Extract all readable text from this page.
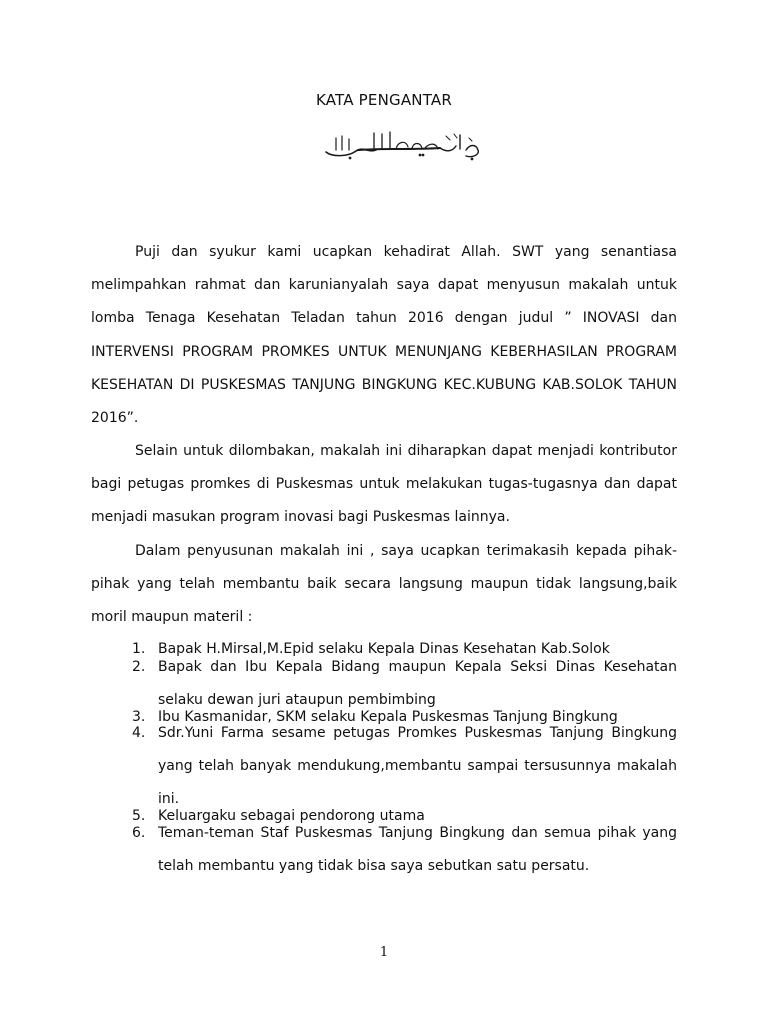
KATA PENGANTAR
بسم الله الرحمن الرحيم
Puji dan syukur kami ucapkan kehadirat Allah. SWT yang senantiasa
melimpahkan rahmat dan karunianyalah saya dapat menyusun makalah untuk
lomba Tenaga Kesehatan Teladan tahun 2016 dengan judul ” INOVASI dan
INTERVENSI PROGRAM PROMKES UNTUK MENUNJANG KEBERHASILAN PROGRAM
KESEHATAN DI PUSKESMAS TANJUNG BINGKUNG KEC.KUBUNG KAB.SOLOK TAHUN
2016”.
Selain untuk dilombakan, makalah ini diharapkan dapat menjadi kontributor
bagi petugas promkes di Puskesmas untuk melakukan tugas-tugasnya dan dapat
menjadi masukan program inovasi bagi Puskesmas lainnya.
Dalam penyusunan makalah ini , saya ucapkan terimakasih kepada pihak-
pihak yang telah membantu baik secara langsung maupun tidak langsung,baik
moril maupun materil :
1. Bapak H.Mirsal,M.Epid selaku Kepala Dinas Kesehatan Kab.Solok
2. Bapak dan Ibu Kepala Bidang maupun Kepala Seksi Dinas Kesehatan
selaku dewan juri ataupun pembimbing
3. Ibu Kasmanidar, SKM selaku Kepala Puskesmas Tanjung Bingkung
4. Sdr.Yuni Farma sesame petugas Promkes Puskesmas Tanjung Bingkung
yang telah banyak mendukung,membantu sampai tersusunnya makalah
ini.
5. Keluargaku sebagai pendorong utama
6. Teman-teman Staf Puskesmas Tanjung Bingkung dan semua pihak yang
telah membantu yang tidak bisa saya sebutkan satu persatu.
1
